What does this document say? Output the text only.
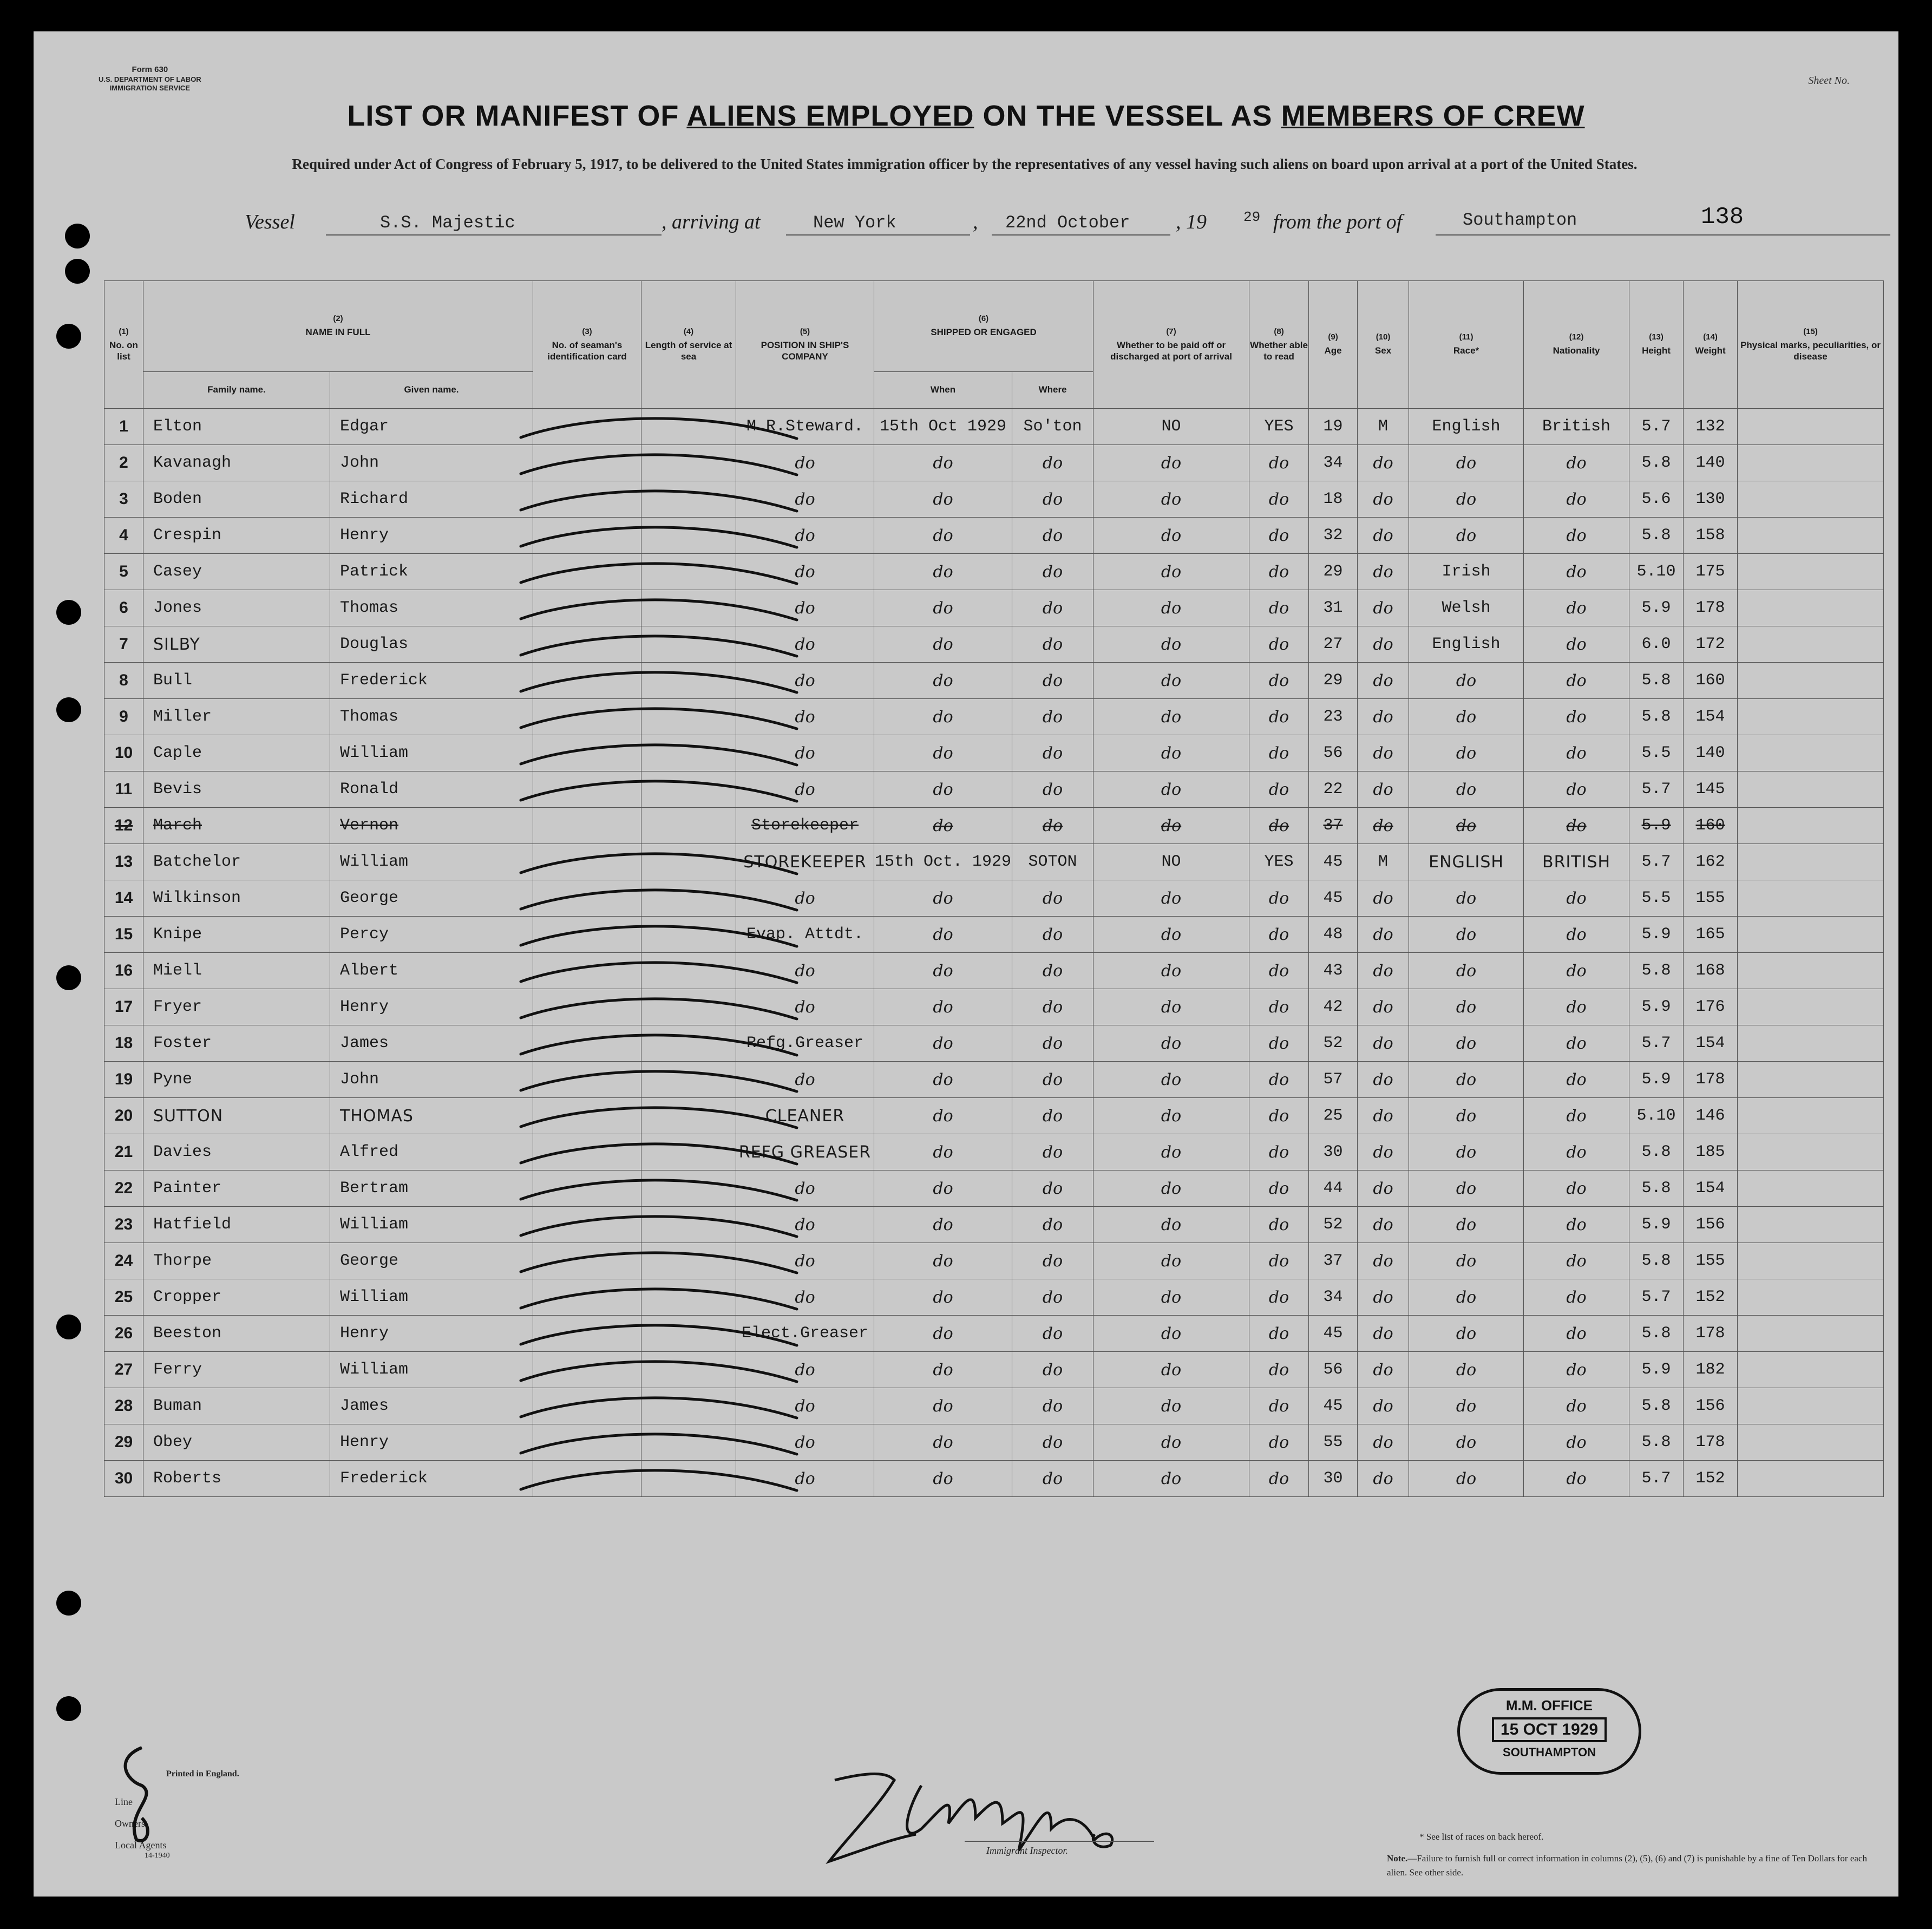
Form 630
U.S. DEPARTMENT OF LABOR
IMMIGRATION SERVICE
Sheet No.
LIST OR MANIFEST OF ALIENS EMPLOYED ON THE VESSEL AS MEMBERS OF CREW
Required under Act of Congress of February 5, 1917, to be delivered to the United States immigration officer by the representatives of any vessel having such aliens on board upon arrival at a port of the United States.
Vessel	S.S. Majestic	, arriving at	New York	, 22nd October , 19	29 from the port of	Southampton	138
(1)
No. on list	(2)
NAME IN FULL		(3)
No. of seaman's identification card	(4)
Length of service at sea	(5)
POSITION IN SHIP'S COMPANY	(6)
SHIPPED OR ENGAGED		(7)
Whether to be paid off or discharged at port of arrival	(8)
Whether able to read	(9)
Age	(10)
Sex	(11)
Race*	(12)
Nationality	(13)
Height	(14)
Weight	(15)
Physical marks, peculiarities, or disease
	Family name.	Given name.				When	Where									
1	Elton	Edgar			M.R.Steward.	15th Oct 1929	So'ton	NO	YES	19	M	English	British	5.7	132	
2	Kavanagh	John			do	do	do	do	do	34	do	do	do	5.8	140	
3	Boden	Richard			do	do	do	do	do	18	do	do	do	5.6	130	
4	Crespin	Henry			do	do	do	do	do	32	do	do	do	5.8	158	
5	Casey	Patrick			do	do	do	do	do	29	do	Irish	do	5.10	175	
6	Jones	Thomas			do	do	do	do	do	31	do	Welsh	do	5.9	178	
7	SILBY	Douglas			do	do	do	do	do	27	do	English	do	6.0	172	
8	Bull	Frederick			do	do	do	do	do	29	do	do	do	5.8	160	
9	Miller	Thomas			do	do	do	do	do	23	do	do	do	5.8	154	
10	Caple	William			do	do	do	do	do	56	do	do	do	5.5	140	
11	Bevis	Ronald			do	do	do	do	do	22	do	do	do	5.7	145	
12	March	Vernon			Storekeeper	do	do	do	do	37	do	do	do	5.9	160	
13	Batchelor	William			STOREKEEPER	15th Oct. 1929	SOTON	NO	YES	45	M	ENGLISH	BRITISH	5.7	162	
14	Wilkinson	George			do	do	do	do	do	45	do	do	do	5.5	155	
15	Knipe	Percy			Evap. Attdt.	do	do	do	do	48	do	do	do	5.9	165	
16	Miell	Albert			do	do	do	do	do	43	do	do	do	5.8	168	
17	Fryer	Henry			do	do	do	do	do	42	do	do	do	5.9	176	
18	Foster	James			Refg.Greaser	do	do	do	do	52	do	do	do	5.7	154	
19	Pyne	John			do	do	do	do	do	57	do	do	do	5.9	178	
20	SUTTON	THOMAS			CLEANER	do	do	do	do	25	do	do	do	5.10	146	
21	Davies	Alfred			REFG GREASER	do	do	do	do	30	do	do	do	5.8	185	
22	Painter	Bertram			do	do	do	do	do	44	do	do	do	5.8	154	
23	Hatfield	William			do	do	do	do	do	52	do	do	do	5.9	156	
24	Thorpe	George			do	do	do	do	do	37	do	do	do	5.8	155	
25	Cropper	William			do	do	do	do	do	34	do	do	do	5.7	152	
26	Beeston	Henry			Elect.Greaser	do	do	do	do	45	do	do	do	5.8	178	
27	Ferry	William			do	do	do	do	do	56	do	do	do	5.9	182	
28	Buman	James			do	do	do	do	do	45	do	do	do	5.8	156	
29	Obey	Henry			do	do	do	do	do	55	do	do	do	5.8	178	
30	Roberts	Frederick			do	do	do	do	do	30	do	do	do	5.7	152	
Printed in England.
Line
Owners
Local Agents
14-1940	Immigrant Inspector.
* See list of races on back hereof.
Note.—Failure to furnish full or correct information in columns (2), (5), (6) and (7) is punishable by a fine of Ten Dollars for each alien. See other side.
M.M. OFFICE
15 OCT 1929
SOUTHAMPTON
